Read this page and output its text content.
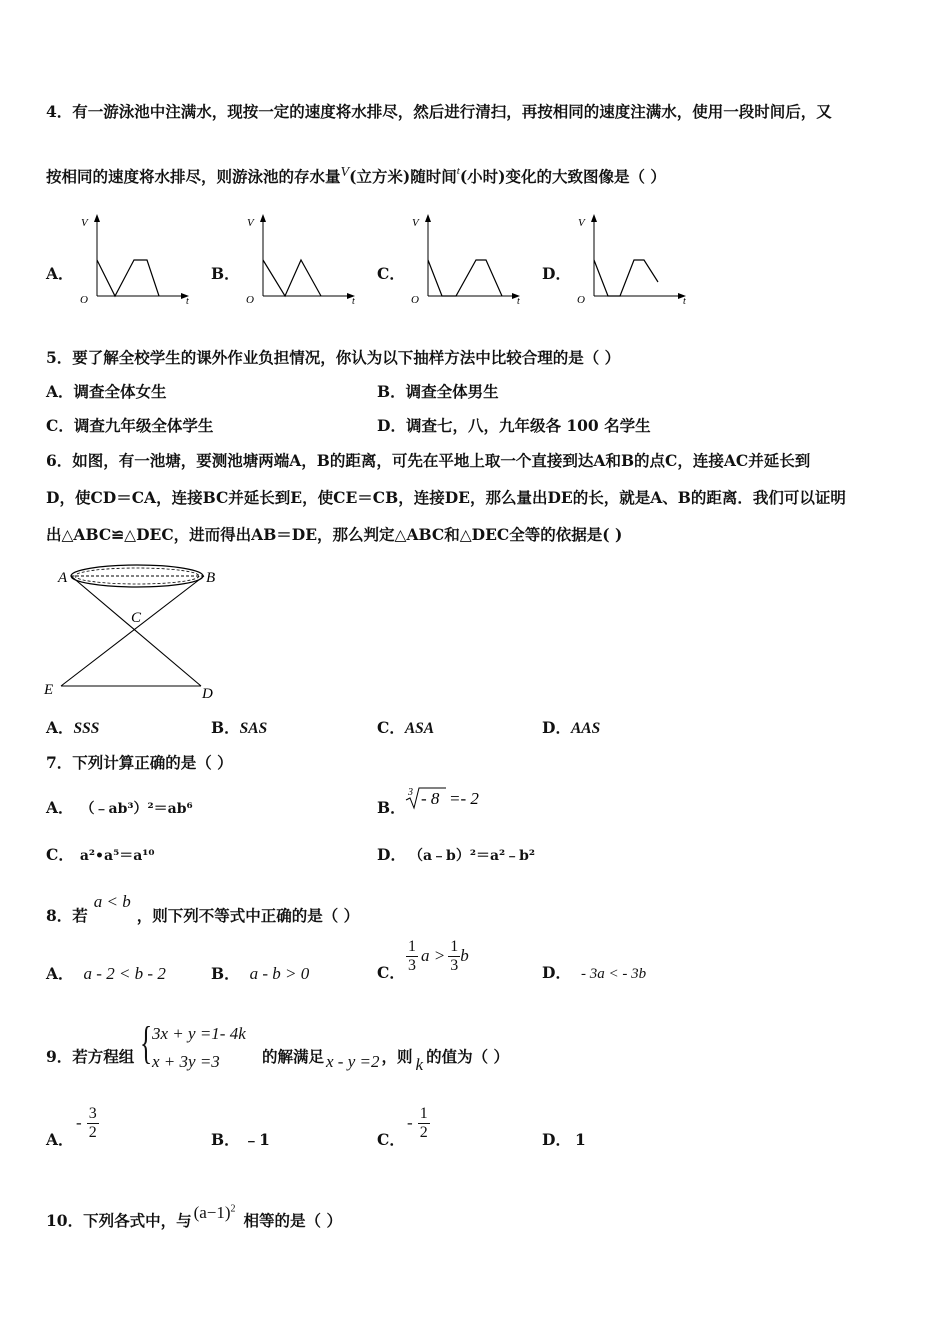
4．有一游泳池中注满水，现按一定的速度将水排尽，然后进行清扫，再按相同的速度注满水，使用一段时间后，又
按相同的速度将水排尽，则游泳池的存水量V(立方米)随时间$^t$(小时)变化的大致图像是（ ）
A．	B．	C．	D．
V
t
O
V
t
O
V
t
O
V
t
O
5．要了解全校学生的课外作业负担情况，你认为以下抽样方法中比较合理的是（ ）
A．调查全体女生	B．调查全体男生
C．调查九年级全体学生	D．调查七，八，九年级各 100 名学生
6．如图，有一池塘，要测池塘两端A，B的距离，可先在平地上取一个直接到达A和B的点C，连接AC并延长到
D，使CD＝CA，连接BC并延长到E，使CE＝CB，连接DE，那么量出DE的长，就是A、B的距离．我们可以证明
出△ABC≌△DEC，进而得出AB＝DE，那么判定△ABC和△DEC全等的依据是( )
A	B
C
E	D
A．SSS	B．SAS	C．ASA	D．AAS
7．下列计算正确的是（ ）
A． （﹣ab³）²＝ab⁶	B．
3 - 8 =- 2
C． a²•a⁵＝a¹⁰	D． （a﹣b）²＝a²﹣b²
8．若a < b，则下列不等式中正确的是（ ）
A． a - 2 < b - 2	B． a - b > 0	C． $\frac{1}{3}$ $a > \frac{1}{3}$ b
D． - 3a < - 3b
9．若方程组 { 3x + y =1- 4k
x + 3y =3	的解满足 x - y =2 ，则 k 的值为（ ）
A．
- $\frac{3}{2}$	B． ﹣1	C．
- $\frac{1}{2}$	D． 1
10．下列各式中，与 $(a-1)^2$相等的是（ ）
